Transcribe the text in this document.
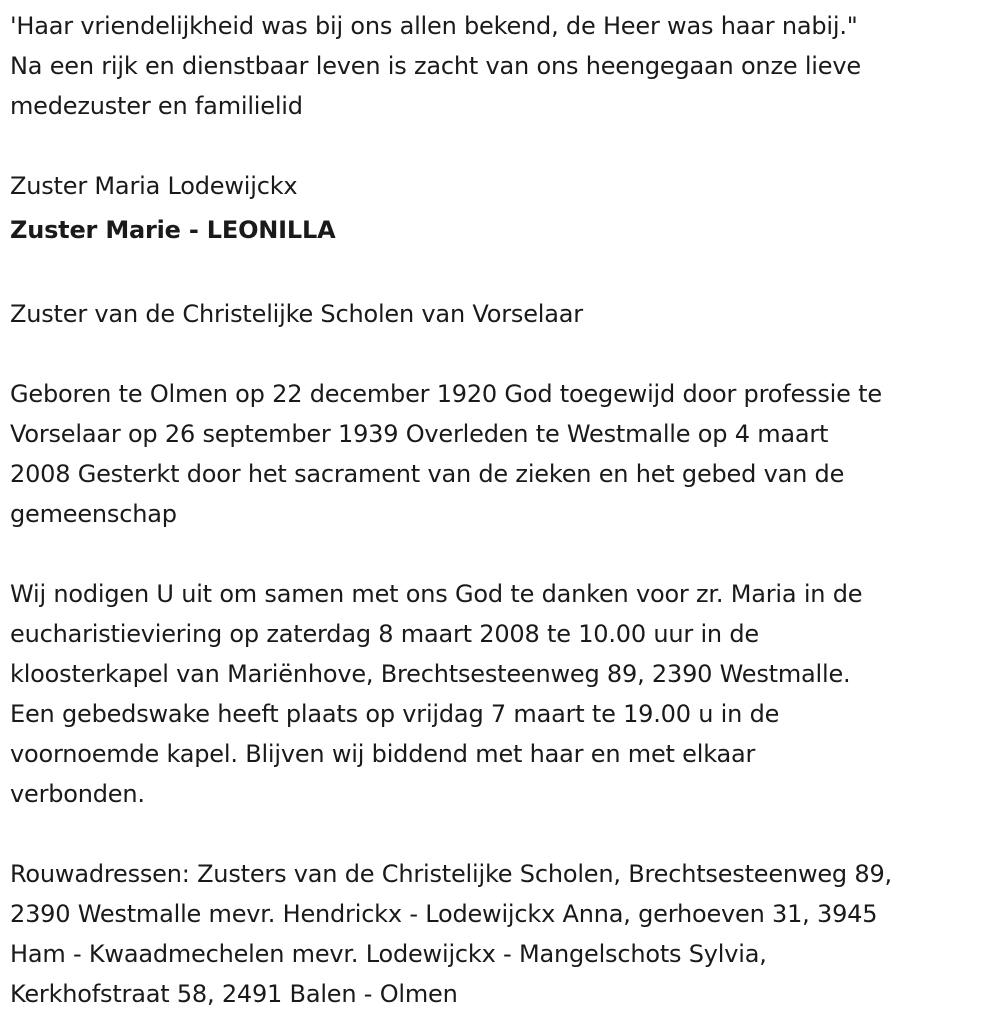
'Haar vriendelijkheid was bij ons allen bekend, de Heer was haar nabij."

Na een rijk en dienstbaar leven is zacht van ons heengegaan onze lieve

medezuster en familielid

Zuster Maria Lodewijckx

Zuster Marie - LEONILLA

Zuster van de Christelijke Scholen van Vorselaar

Geboren te Olmen op 22 december 1920 God toegewijd door professie te

Vorselaar op 26 september 1939 Overleden te Westmalle op 4 maart

2008 Gesterkt door het sacrament van de zieken en het gebed van de

gemeenschap

Wij nodigen U uit om samen met ons God te danken voor zr. Maria in de

eucharistieviering op zaterdag 8 maart 2008 te 10.00 uur in de

kloosterkapel van Mariënhove, Brechtsesteenweg 89, 2390 Westmalle.

Een gebedswake heeft plaats op vrijdag 7 maart te 19.00 u in de

voornoemde kapel. Blijven wij biddend met haar en met elkaar

verbonden.

Rouwadressen: Zusters van de Christelijke Scholen, Brechtsesteenweg 89,

2390 Westmalle mevr. Hendrickx - Lodewijckx Anna, gerhoeven 31, 3945

Ham - Kwaadmechelen mevr. Lodewijckx - Mangelschots Sylvia,

Kerkhofstraat 58, 2491 Balen - Olmen
